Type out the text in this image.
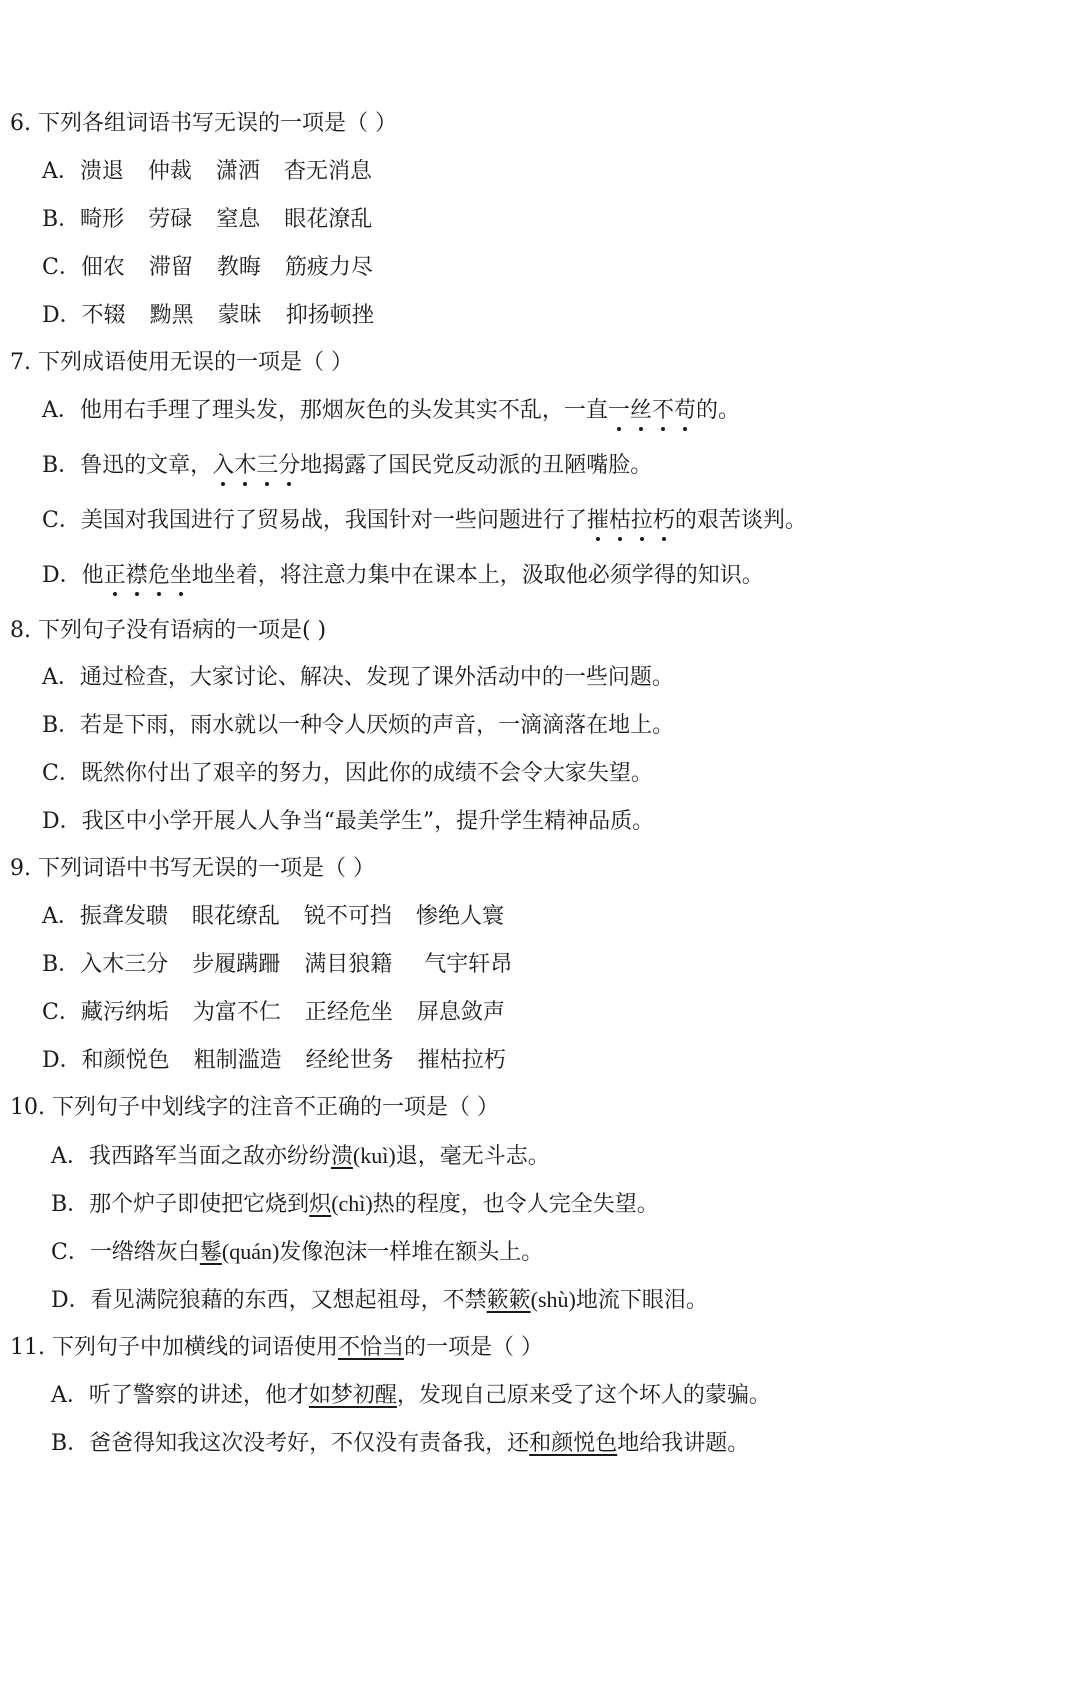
6. 下列各组词语书写无误的一项是（ ）
A．溃退 仲裁 潇洒 杳无消息
B．畸形 劳碌 窒息 眼花潦乱
C．佃农 滞留 教晦 筋疲力尽
D．不辍 黝黑 蒙昧 抑扬顿挫
7. 下列成语使用无误的一项是（ ）
A．他用右手理了理头发，那烟灰色的头发其实不乱，一直一丝不苟的。
B．鲁迅的文章，入木三分地揭露了国民党反动派的丑陋嘴脸。
C．美国对我国进行了贸易战，我国针对一些问题进行了摧枯拉朽的艰苦谈判。
D．他正襟危坐地坐着，将注意力集中在课本上，汲取他必须学得的知识。
8. 下列句子没有语病的一项是( )
A．通过检查，大家讨论、解决、发现了课外活动中的一些问题。
B．若是下雨，雨水就以一种令人厌烦的声音，一滴滴落在地上。
C．既然你付出了艰辛的努力，因此你的成绩不会令大家失望。
D．我区中小学开展人人争当“最美学生”，提升学生精神品质。
9. 下列词语中书写无误的一项是（ ）
A．振聋发聩 眼花缭乱 锐不可挡 惨绝人寰
B．入木三分 步履蹒跚 满目狼籍 气宇轩昂
C．藏污纳垢 为富不仁 正经危坐 屏息敛声
D．和颜悦色 粗制滥造 经纶世务 摧枯拉朽
10. 下列句子中划线字的注音不正确的一项是（ ）
A．我西路军当面之敌亦纷纷溃(kuì)退，毫无斗志。
B．那个炉子即使把它烧到炽(chì)热的程度，也令人完全失望。
C．一绺绺灰白鬈(quán)发像泡沫一样堆在额头上。
D．看见满院狼藉的东西，又想起祖母，不禁簌簌(shù)地流下眼泪。
11. 下列句子中加横线的词语使用不恰当的一项是（ ）
A．听了警察的讲述，他才如梦初醒，发现自己原来受了这个坏人的蒙骗。
B．爸爸得知我这次没考好，不仅没有责备我，还和颜悦色地给我讲题。
